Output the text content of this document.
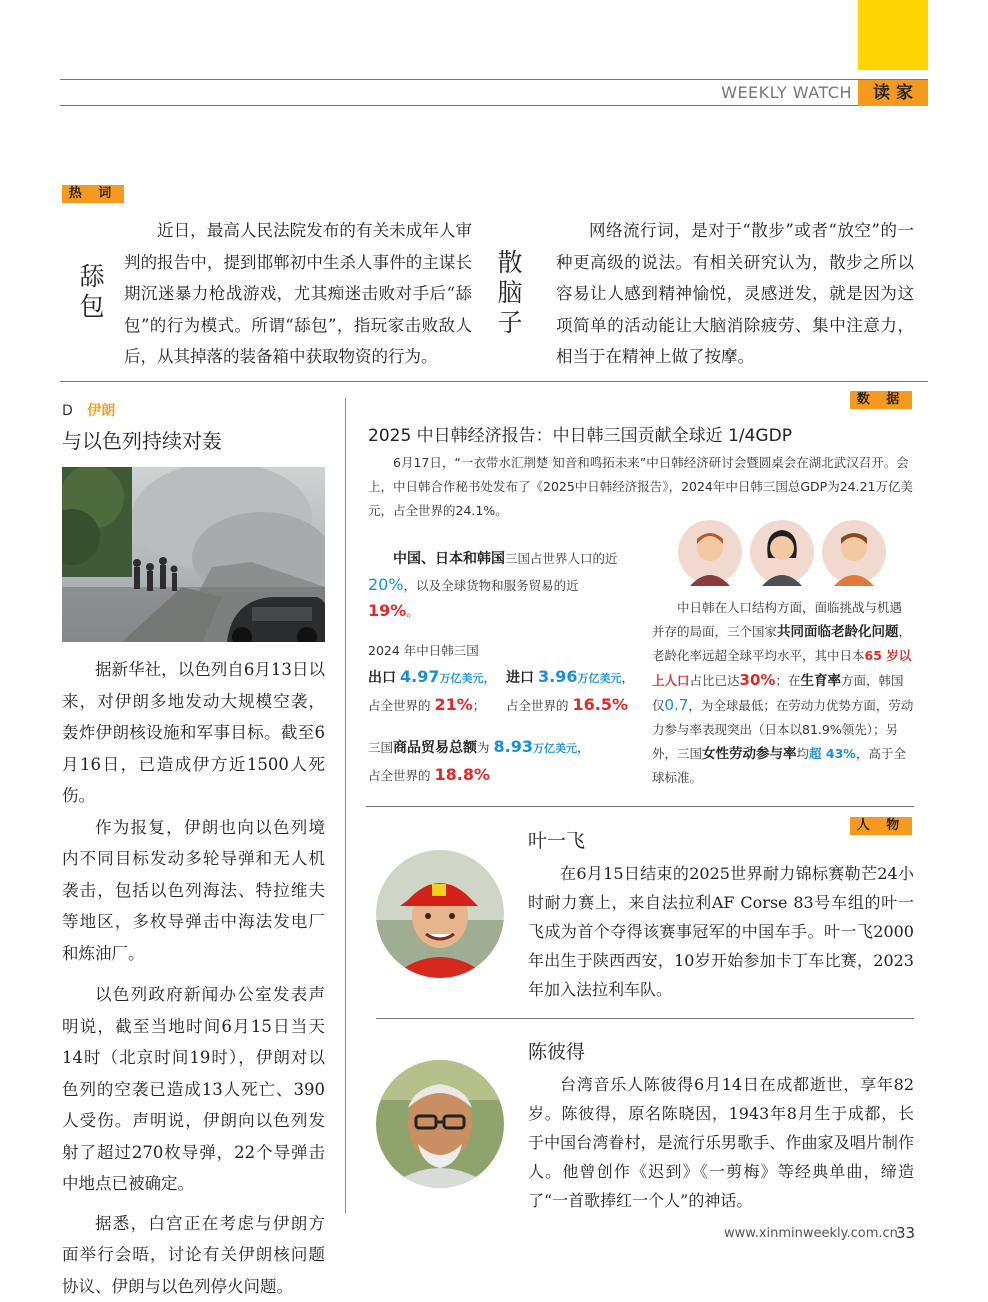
WEEKLY WATCH	读 家
热 词
舔包

近日，最高人民法院发布的有关未成年人审判的报告中，提到邯郸初中生杀人事件的主谋长期沉迷暴力枪战游戏，尤其痴迷击败对手后“舔包”的行为模式。所谓“舔包”，指玩家击败敌人后，从其掉落的装备箱中获取物资的行为。

散脑子

网络流行词，是对于“散步”或者“放空”的一种更高级的说法。有相关研究认为，散步之所以容易让人感到精神愉悦，灵感迸发，就是因为这项简单的活动能让大脑消除疲劳、集中注意力，相当于在精神上做了按摩。

D 伊朗
与以色列持续对轰

据新华社，以色列自6月13日以来，对伊朗多地发动大规模空袭，轰炸伊朗核设施和军事目标。截至6月16日，已造成伊方近1500人死伤。

作为报复，伊朗也向以色列境内不同目标发动多轮导弹和无人机袭击，包括以色列海法、特拉维夫等地区，多枚导弹击中海法发电厂和炼油厂。

以色列政府新闻办公室发表声明说，截至当地时间6月15日当天14时（北京时间19时），伊朗对以色列的空袭已造成13人死亡、390人受伤。声明说，伊朗向以色列发射了超过270枚导弹，22个导弹击中地点已被确定。

据悉，白宫正在考虑与伊朗方面举行会晤，讨论有关伊朗核问题协议、伊朗与以色列停火问题。

数 据
2025 中日韩经济报告：中日韩三国贡献全球近 1/4GDP
6月17日，“一衣带水汇荆楚 知音和鸣拓未来”中日韩经济研讨会暨圆桌会在湖北武汉召开。会上，中日韩合作秘书处发布了《2025中日韩经济报告》，2024年中日韩三国总GDP为24.21万亿美元，占全世界的24.1%。
中国、日本和韩国三国占世界人口的近20%，以及全球货物和服务贸易的近
19%。
2024 年中日韩三国
出口 4.97万亿美元，
占全世界的 21%；
进口 3.96万亿美元，
占全世界的 16.5%
三国商品贸易总额为 8.93万亿美元，
占全世界的 18.8%
中日韩在人口结构方面，面临挑战与机遇并存的局面，三个国家共同面临老龄化问题，老龄化率远超全球平均水平，其中日本65 岁以上人口占比已达30%；在生育率方面，韩国仅0.7，为全球最低；在劳动力优势方面，劳动力参与率表现突出（日本以81.9%领先）；另外，三国女性劳动参与率均超 43%，高于全球标准。
人 物
叶一飞

在6月15日结束的2025世界耐力锦标赛勒芒24小时耐力赛上，来自法拉利AF Corse 83号车组的叶一飞成为首个夺得该赛事冠军的中国车手。叶一飞2000年出生于陕西西安，10岁开始参加卡丁车比赛，2023年加入法拉利车队。

陈彼得

台湾音乐人陈彼得6月14日在成都逝世，享年82岁。陈彼得，原名陈晓因，1943年8月生于成都，长于中国台湾眷村，是流行乐男歌手、作曲家及唱片制作人。他曾创作《迟到》《一剪梅》等经典单曲，缔造了“一首歌捧红一个人”的神话。

www.xinminweekly.com.cn
33
